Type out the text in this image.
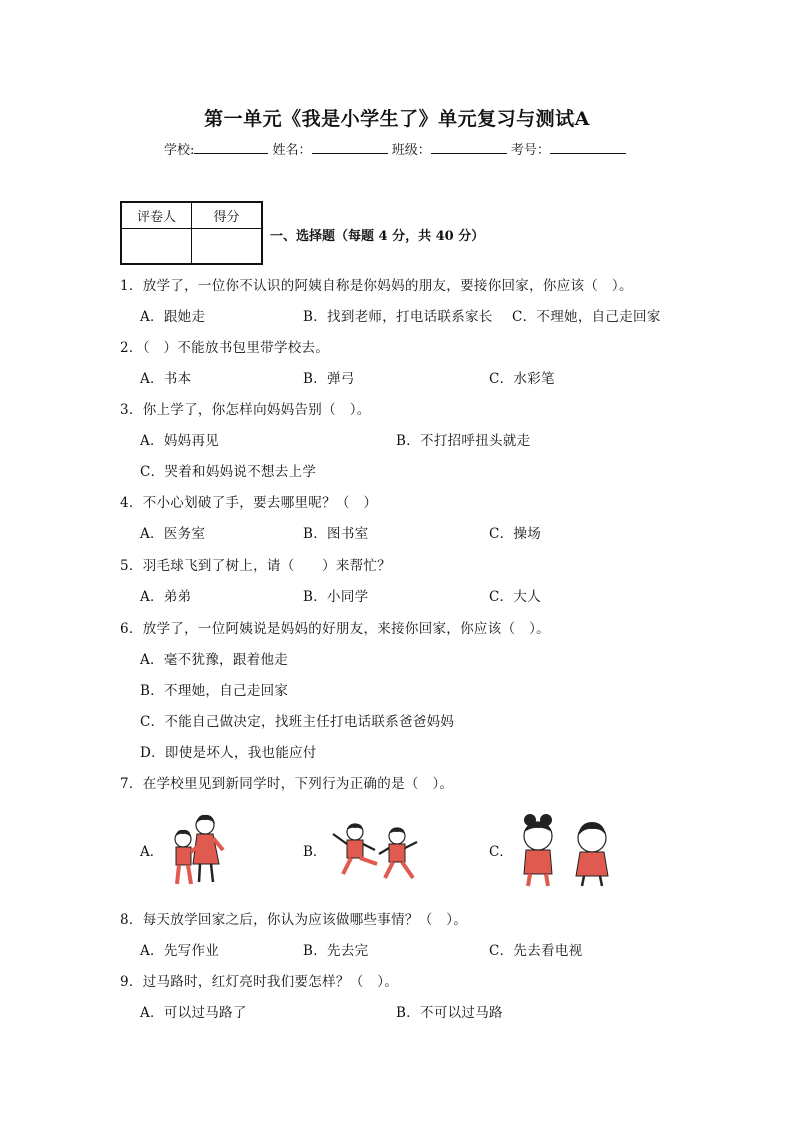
第一单元《我是小学生了》单元复习与测试A
学校:	姓名：	班级：	考号：
评卷人	得分

一、选择题（每题 4 分，共 40 分）
1．放学了，一位你不认识的阿姨自称是你妈妈的朋友，要接你回家，你应该（　）。
A．跟她走	B．找到老师，打电话联系家长 C．不理她，自己走回家
2．（　）不能放书包里带学校去。
A．书本	B．弹弓	C．水彩笔
3．你上学了，你怎样向妈妈告别（　）。
A．妈妈再见	B．不打招呼扭头就走
C．哭着和妈妈说不想去上学
4．不小心划破了手，要去哪里呢？（　）
A．医务室	B．图书室	C．操场
5．羽毛球飞到了树上，请（　　）来帮忙？
A．弟弟	B．小同学	C．大人
6．放学了，一位阿姨说是妈妈的好朋友，来接你回家，你应该（　）。
A．毫不犹豫，跟着他走
B．不理她，自己走回家
C．不能自己做决定，找班主任打电话联系爸爸妈妈
D．即使是坏人，我也能应付
7．在学校里见到新同学时，下列行为正确的是（　）。
A．	B．	C．
8．每天放学回家之后，你认为应该做哪些事情？（　）。
A．先写作业	B．先去完	C．先去看电视
9．过马路时，红灯亮时我们要怎样？（　）。
A．可以过马路了	B．不可以过马路
